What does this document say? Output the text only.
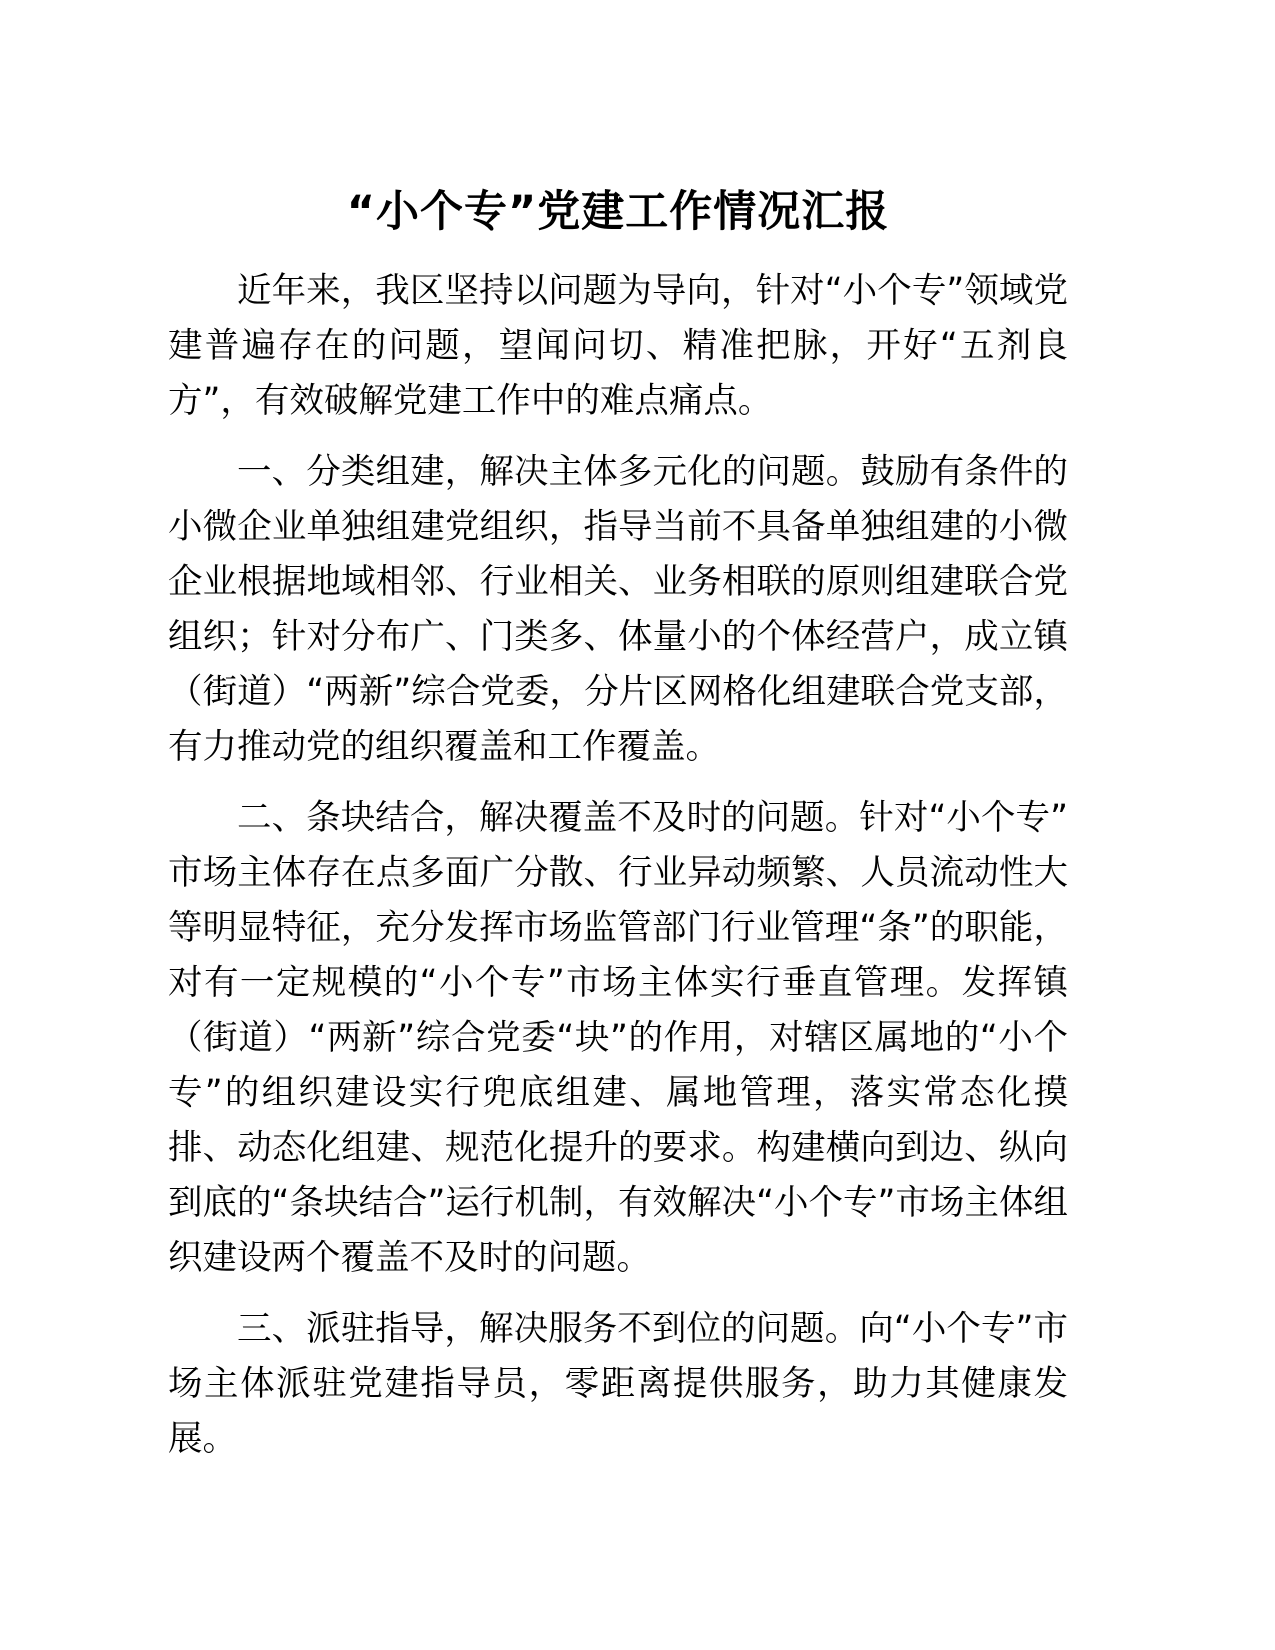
“小个专”党建工作情况汇报

近年来，我区坚持以问题为导向，针对“小个专”领域党建普遍存在的问题，望闻问切、精准把脉，开好“五剂良方”，有效破解党建工作中的难点痛点。

一、分类组建，解决主体多元化的问题。鼓励有条件的小微企业单独组建党组织，指导当前不具备单独组建的小微企业根据地域相邻、行业相关、业务相联的原则组建联合党组织；针对分布广、门类多、体量小的个体经营户，成立镇（街道）“两新”综合党委，分片区网格化组建联合党支部，有力推动党的组织覆盖和工作覆盖。

二、条块结合，解决覆盖不及时的问题。针对“小个专”市场主体存在点多面广分散、行业异动频繁、人员流动性大等明显特征，充分发挥市场监管部门行业管理“条”的职能，对有一定规模的“小个专”市场主体实行垂直管理。发挥镇（街道）“两新”综合党委“块”的作用，对辖区属地的“小个专”的组织建设实行兜底组建、属地管理，落实常态化摸排、动态化组建、规范化提升的要求。构建横向到边、纵向到底的“条块结合”运行机制，有效解决“小个专”市场主体组织建设两个覆盖不及时的问题。

三、派驻指导，解决服务不到位的问题。向“小个专”市场主体派驻党建指导员，零距离提供服务，助力其健康发展。
